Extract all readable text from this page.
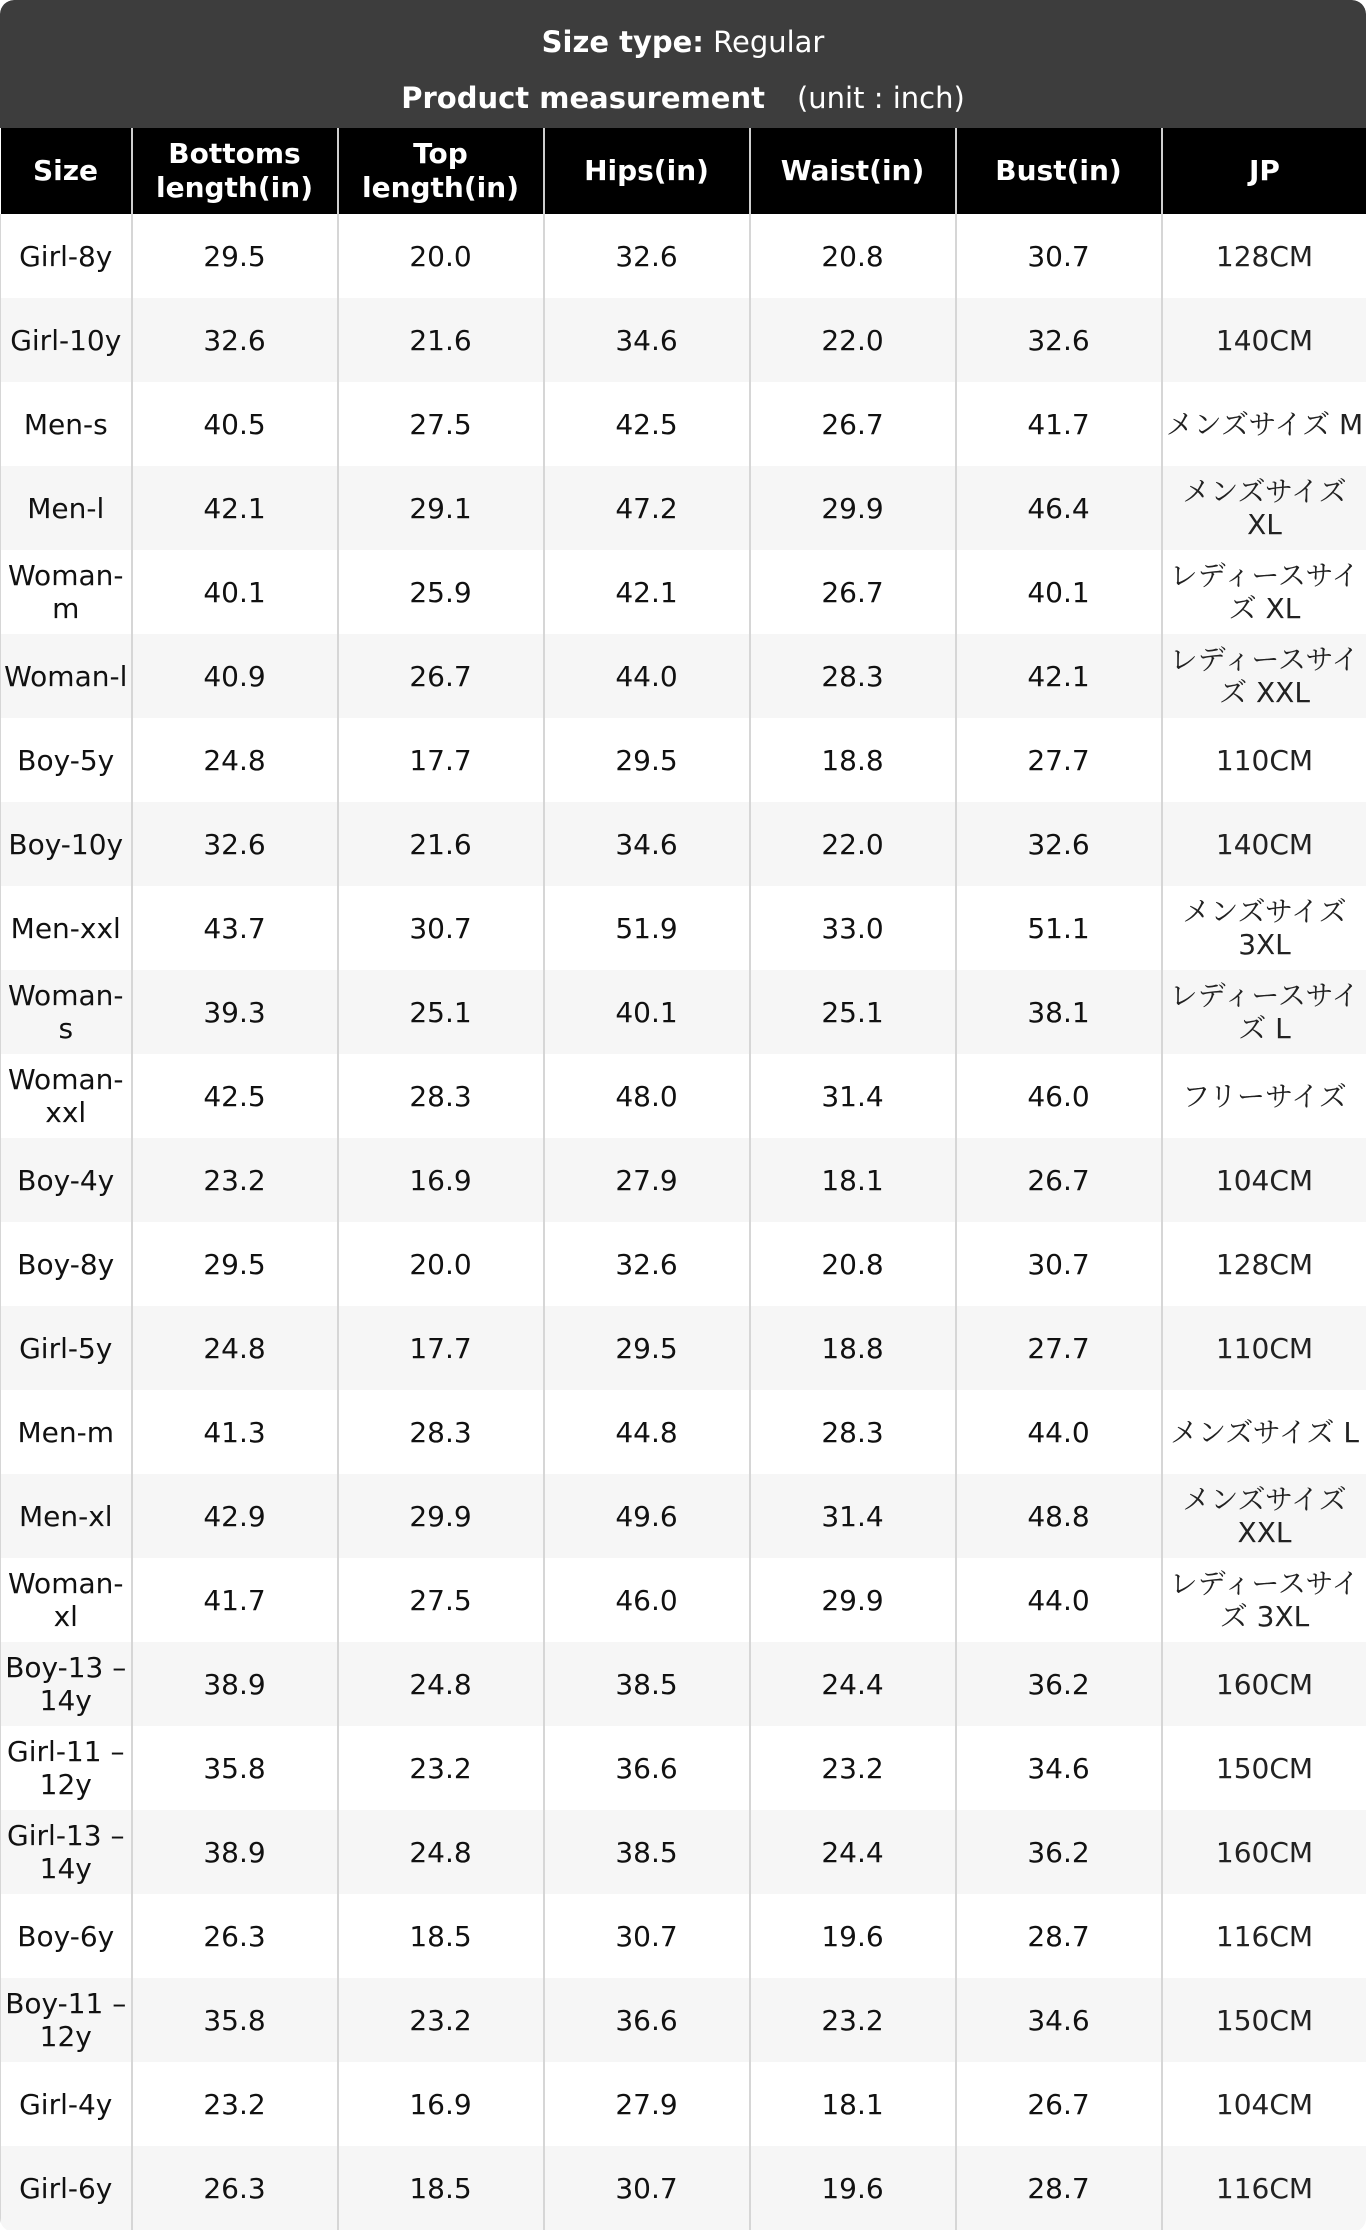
Size type: Regular
Product measurement (unit : inch)
Size	Bottoms length(in)	Top length(in)	Hips(in)	Waist(in)	Bust(in)	JP
Girl-8y	29.5	20.0	32.6	20.8	30.7	128CM
Girl-10y	32.6	21.6	34.6	22.0	32.6	140CM
Men-s	40.5	27.5	42.5	26.7	41.7	メンズサイズ M
Men-l	42.1	29.1	47.2	29.9	46.4	メンズサイズ XL
Woman-m	40.1	25.9	42.1	26.7	40.1	レディースサイズ XL
Woman-l	40.9	26.7	44.0	28.3	42.1	レディースサイズ XXL
Boy-5y	24.8	17.7	29.5	18.8	27.7	110CM
Boy-10y	32.6	21.6	34.6	22.0	32.6	140CM
Men-xxl	43.7	30.7	51.9	33.0	51.1	メンズサイズ 3XL
Woman-s	39.3	25.1	40.1	25.1	38.1	レディースサイズ L
Woman-xxl	42.5	28.3	48.0	31.4	46.0	フリーサイズ
Boy-4y	23.2	16.9	27.9	18.1	26.7	104CM
Boy-8y	29.5	20.0	32.6	20.8	30.7	128CM
Girl-5y	24.8	17.7	29.5	18.8	27.7	110CM
Men-m	41.3	28.3	44.8	28.3	44.0	メンズサイズ L
Men-xl	42.9	29.9	49.6	31.4	48.8	メンズサイズ XXL
Woman-xl	41.7	27.5	46.0	29.9	44.0	レディースサイズ 3XL
Boy-13 – 14y	38.9	24.8	38.5	24.4	36.2	160CM
Girl-11 – 12y	35.8	23.2	36.6	23.2	34.6	150CM
Girl-13 – 14y	38.9	24.8	38.5	24.4	36.2	160CM
Boy-6y	26.3	18.5	30.7	19.6	28.7	116CM
Boy-11 – 12y	35.8	23.2	36.6	23.2	34.6	150CM
Girl-4y	23.2	16.9	27.9	18.1	26.7	104CM
Girl-6y	26.3	18.5	30.7	19.6	28.7	116CM
